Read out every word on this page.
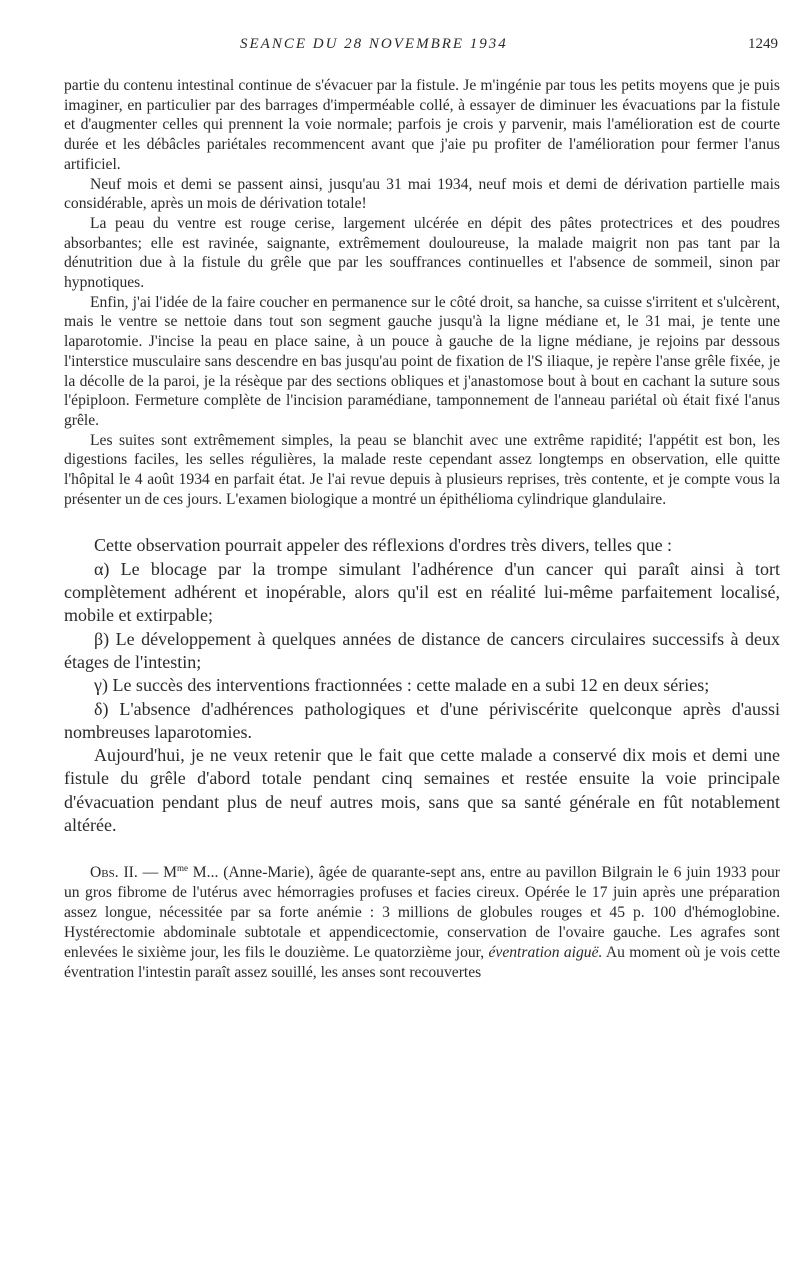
SEANCE DU 28 NOVEMBRE 1934	1249

partie du contenu intestinal continue de s'évacuer par la fistule. Je m'ingénie par tous les petits moyens que je puis imaginer, en particulier par des barrages d'imperméable collé, à essayer de diminuer les évacuations par la fistule et d'augmenter celles qui prennent la voie normale; parfois je crois y parvenir, mais l'amélioration est de courte durée et les débâcles pariétales recommencent avant que j'aie pu profiter de l'amélioration pour fermer l'anus artificiel.

Neuf mois et demi se passent ainsi, jusqu'au 31 mai 1934, neuf mois et demi de dérivation partielle mais considérable, après un mois de dérivation totale!

La peau du ventre est rouge cerise, largement ulcérée en dépit des pâtes protectrices et des poudres absorbantes; elle est ravinée, saignante, extrêmement douloureuse, la malade maigrit non pas tant par la dénutrition due à la fistule du grêle que par les souffrances continuelles et l'absence de sommeil, sinon par hypnotiques.

Enfin, j'ai l'idée de la faire coucher en permanence sur le côté droit, sa hanche, sa cuisse s'irritent et s'ulcèrent, mais le ventre se nettoie dans tout son segment gauche jusqu'à la ligne médiane et, le 31 mai, je tente une laparotomie. J'incise la peau en place saine, à un pouce à gauche de la ligne médiane, je rejoins par dessous l'interstice musculaire sans descendre en bas jusqu'au point de fixation de l'S iliaque, je repère l'anse grêle fixée, je la décolle de la paroi, je la résèque par des sections obliques et j'anastomose bout à bout en cachant la suture sous l'épiploon. Fermeture complète de l'incision paramédiane, tamponnement de l'anneau pariétal où était fixé l'anus grêle.

Les suites sont extrêmement simples, la peau se blanchit avec une extrême rapidité; l'appétit est bon, les digestions faciles, les selles régulières, la malade reste cependant assez longtemps en observation, elle quitte l'hôpital le 4 août 1934 en parfait état. Je l'ai revue depuis à plusieurs reprises, très contente, et je compte vous la présenter un de ces jours. L'examen biologique a montré un épithélioma cylindrique glandulaire.

Cette observation pourrait appeler des réflexions d'ordres très divers, telles que :

α) Le blocage par la trompe simulant l'adhérence d'un cancer qui paraît ainsi à tort complètement adhérent et inopérable, alors qu'il est en réalité lui-même parfaitement localisé, mobile et extirpable;

β) Le développement à quelques années de distance de cancers circulaires successifs à deux étages de l'intestin;

γ) Le succès des interventions fractionnées : cette malade en a subi 12 en deux séries;

δ) L'absence d'adhérences pathologiques et d'une périviscérite quelconque après d'aussi nombreuses laparotomies.

Aujourd'hui, je ne veux retenir que le fait que cette malade a conservé dix mois et demi une fistule du grêle d'abord totale pendant cinq semaines et restée ensuite la voie principale d'évacuation pendant plus de neuf autres mois, sans que sa santé générale en fût notablement altérée.

Obs. II. — $M^{me}$ M... (Anne-Marie), âgée de quarante-sept ans, entre au pavillon Bilgrain le 6 juin 1933 pour un gros fibrome de l'utérus avec hémorragies profuses et facies cireux. Opérée le 17 juin après une préparation assez longue, nécessitée par sa forte anémie : 3 millions de globules rouges et 45 p. 100 d'hémoglobine. Hystérectomie abdominale subtotale et appendicectomie, conservation de l'ovaire gauche. Les agrafes sont enlevées le sixième jour, les fils le douzième. Le quatorzième jour, éventration aiguë. Au moment où je vois cette éventration l'intestin paraît assez souillé, les anses sont recouvertes
